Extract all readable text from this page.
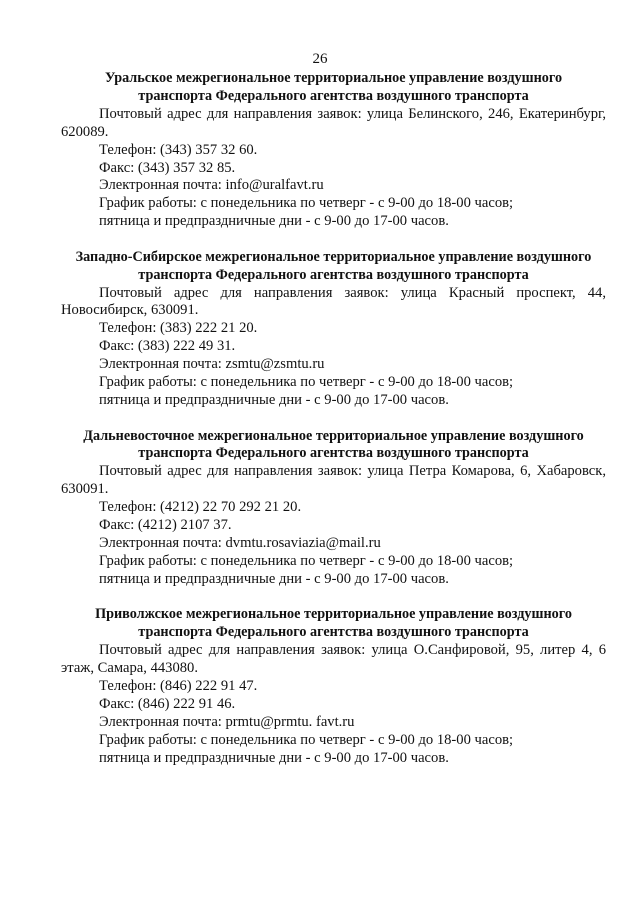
26

Уральское межрегиональное территориальное управление воздушного
транспорта Федерального агентства воздушного транспорта

Почтовый адрес для направления заявок: улица Белинского, 246, Екатеринбург, 620089.

Телефон: (343) 357 32 60.

Факс: (343) 357 32 85.

Электронная почта: info@uralfavt.ru

График работы: с понедельника по четверг - с 9-00 до 18-00 часов;

пятница и предпраздничные дни - с 9-00 до 17-00 часов.

Западно-Сибирское межрегиональное территориальное управление воздушного
транспорта Федерального агентства воздушного транспорта

Почтовый адрес для направления заявок: улица Красный проспект, 44, Новосибирск, 630091.

Телефон: (383) 222 21 20.

Факс: (383) 222 49 31.

Электронная почта: zsmtu@zsmtu.ru

График работы: с понедельника по четверг - с 9-00 до 18-00 часов;

пятница и предпраздничные дни - с 9-00 до 17-00 часов.

Дальневосточное межрегиональное территориальное управление воздушного
транспорта Федерального агентства воздушного транспорта

Почтовый адрес для направления заявок: улица Петра Комарова, 6, Хабаровск, 630091.

Телефон: (4212) 22 70 292 21 20.

Факс: (4212) 2107 37.

Электронная почта: dvmtu.rosaviazia@mail.ru

График работы: с понедельника по четверг - с 9-00 до 18-00 часов;

пятница и предпраздничные дни - с 9-00 до 17-00 часов.

Приволжское межрегиональное территориальное управление воздушного
транспорта Федерального агентства воздушного транспорта

Почтовый адрес для направления заявок: улица О.Санфировой, 95, литер 4, 6 этаж, Самара, 443080.

Телефон: (846) 222 91 47.

Факс: (846) 222 91 46.

Электронная почта: prmtu@prmtu. favt.ru

График работы: с понедельника по четверг - с 9-00 до 18-00 часов;

пятница и предпраздничные дни - с 9-00 до 17-00 часов.
